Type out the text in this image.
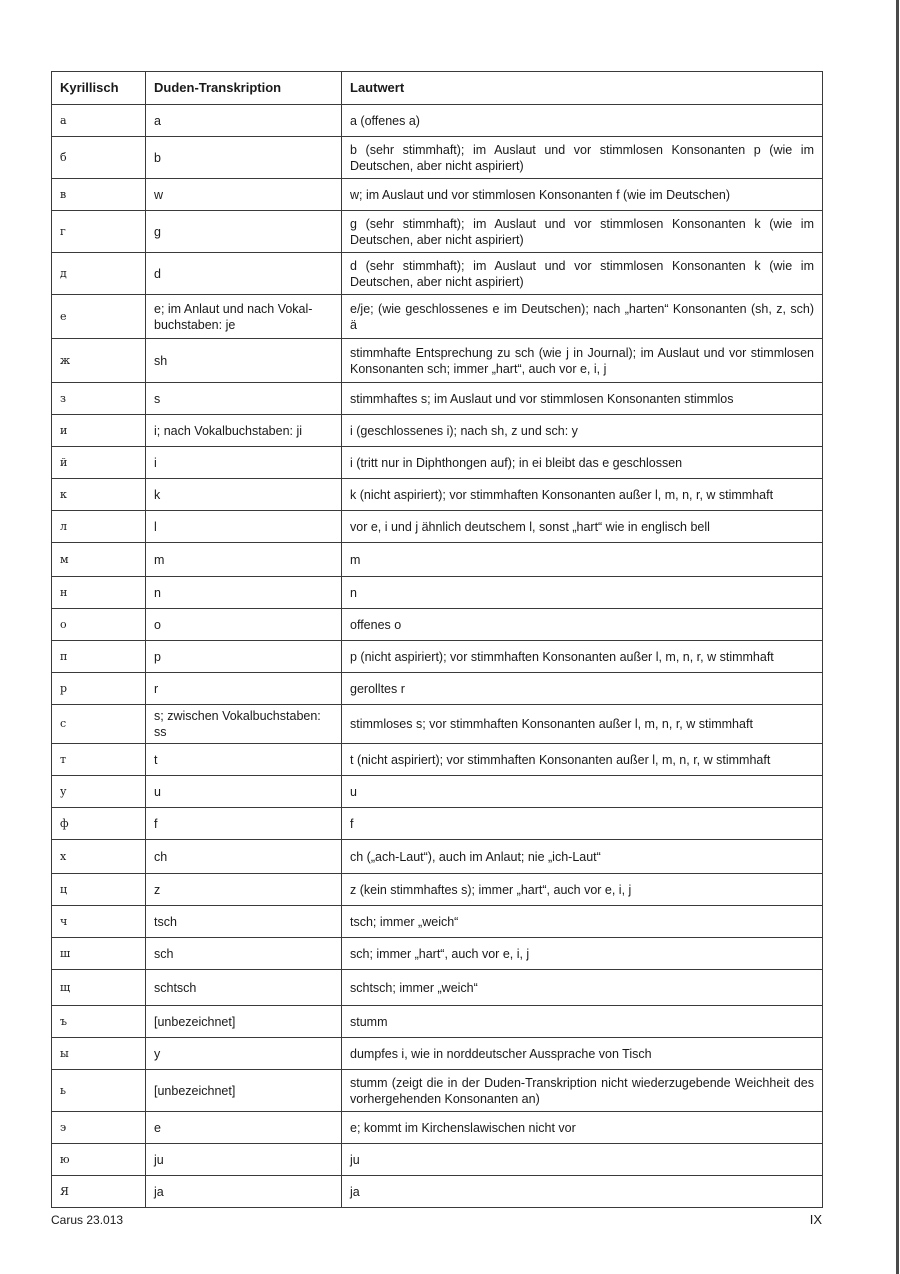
Kyrillisch	Duden-Transkription	Lautwert
а	a	a (offenes a)
б	b	b (sehr stimmhaft); im Auslaut und vor stimmlosen Konsonanten p (wie im Deutschen, aber nicht aspiriert)
в	w	w; im Auslaut und vor stimmlosen Konsonanten f (wie im Deutschen)
г	g	g (sehr stimmhaft); im Auslaut und vor stimmlosen Konsonanten k (wie im Deutschen, aber nicht aspiriert)
д	d	d (sehr stimmhaft); im Auslaut und vor stimmlosen Konsonanten k (wie im Deutschen, aber nicht aspiriert)
е	e; im Anlaut und nach Vokalbuchstaben: je	e/je; (wie geschlossenes e im Deutschen); nach „harten“ Konsonanten (sh, z, sch) ä
ж	sh	stimmhafte Entsprechung zu sch (wie j in Journal); im Auslaut und vor stimmlosen Konsonanten sch; immer „hart“, auch vor e, i, j
з	s	stimmhaftes s; im Auslaut und vor stimmlosen Konsonanten stimmlos
и	i; nach Vokalbuchstaben: ji	i (geschlossenes i); nach sh, z und sch: y
й	i	i (tritt nur in Diphthongen auf); in ei bleibt das e geschlossen
к	k	k (nicht aspiriert); vor stimmhaften Konsonanten außer l, m, n, r, w stimmhaft
л	l	vor e, i und j ähnlich deutschem l, sonst „hart“ wie in englisch bell
м	m	m
н	n	n
о	o	offenes o
п	p	p (nicht aspiriert); vor stimmhaften Konsonanten außer l, m, n, r, w stimmhaft
р	r	gerolltes r
с	s; zwischen Vokalbuchstaben: ss	stimmloses s; vor stimmhaften Konsonanten außer l, m, n, r, w stimmhaft
т	t	t (nicht aspiriert); vor stimmhaften Konsonanten außer l, m, n, r, w stimmhaft
у	u	u
ф	f	f
х	ch	ch („ach-Laut“), auch im Anlaut; nie „ich-Laut“
ц	z	z (kein stimmhaftes s); immer „hart“, auch vor e, i, j
ч	tsch	tsch; immer „weich“
ш	sch	sch; immer „hart“, auch vor e, i, j
щ	schtsch	schtsch; immer „weich“
ъ	[unbezeichnet]	stumm
ы	y	dumpfes i, wie in norddeutscher Aussprache von Tisch
ь	[unbezeichnet]	stumm (zeigt die in der Duden-Transkription nicht wiederzugebende Weichheit des vorhergehenden Konsonanten an)
э	e	e; kommt im Kirchenslawischen nicht vor
ю	ju	ju
Я	ja	ja
Carus 23.013	IX
